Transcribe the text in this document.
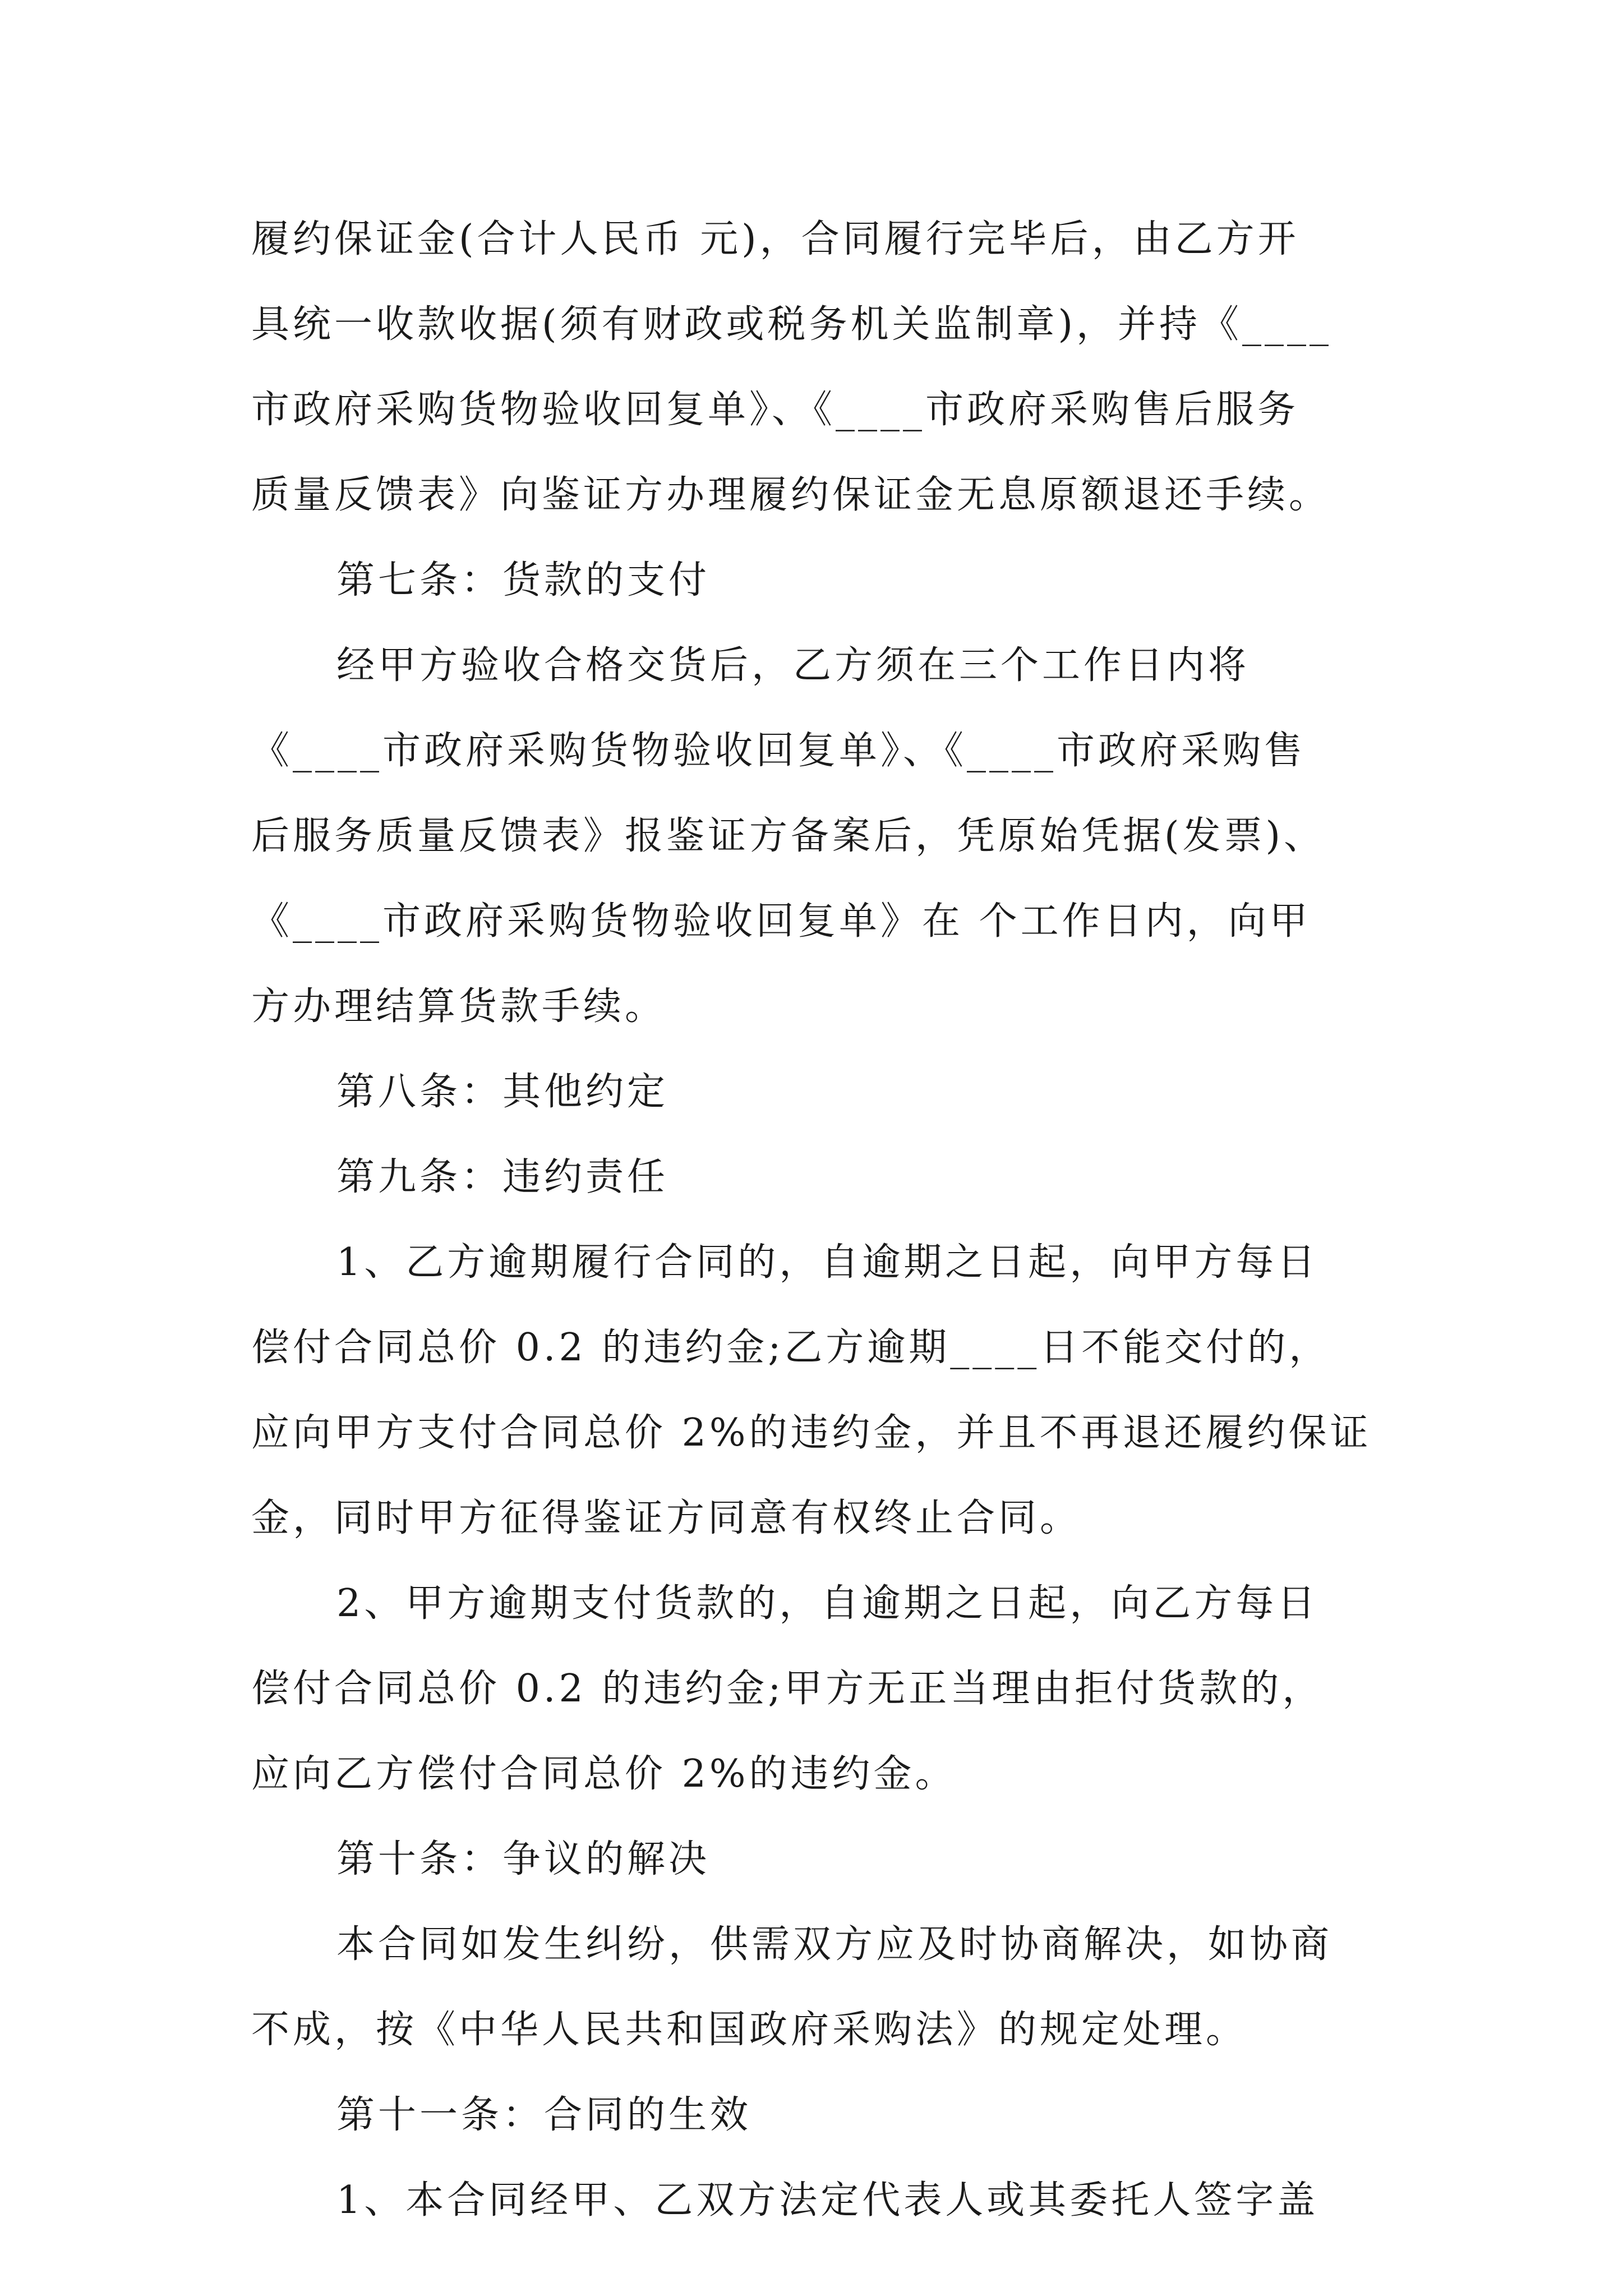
履约保证金(合计人民币 元)，合同履行完毕后，由乙方开
具统一收款收据(须有财政或税务机关监制章)，并持《____
市政府采购货物验收回复单》、《____市政府采购售后服务
质量反馈表》向鉴证方办理履约保证金无息原额退还手续。
第七条：货款的支付
经甲方验收合格交货后，乙方须在三个工作日内将
《____市政府采购货物验收回复单》、《____市政府采购售
后服务质量反馈表》报鉴证方备案后，凭原始凭据(发票)、
《____市政府采购货物验收回复单》在 个工作日内，向甲
方办理结算货款手续。
第八条：其他约定
第九条：违约责任
1、乙方逾期履行合同的，自逾期之日起，向甲方每日
偿付合同总价 0.2 的违约金;乙方逾期____日不能交付的，
应向甲方支付合同总价 2%的违约金，并且不再退还履约保证
金，同时甲方征得鉴证方同意有权终止合同。
2、甲方逾期支付货款的，自逾期之日起，向乙方每日
偿付合同总价 0.2 的违约金;甲方无正当理由拒付货款的，
应向乙方偿付合同总价 2%的违约金。
第十条：争议的解决
本合同如发生纠纷，供需双方应及时协商解决，如协商
不成，按《中华人民共和国政府采购法》的规定处理。
第十一条：合同的生效
1、本合同经甲、乙双方法定代表人或其委托人签字盖
